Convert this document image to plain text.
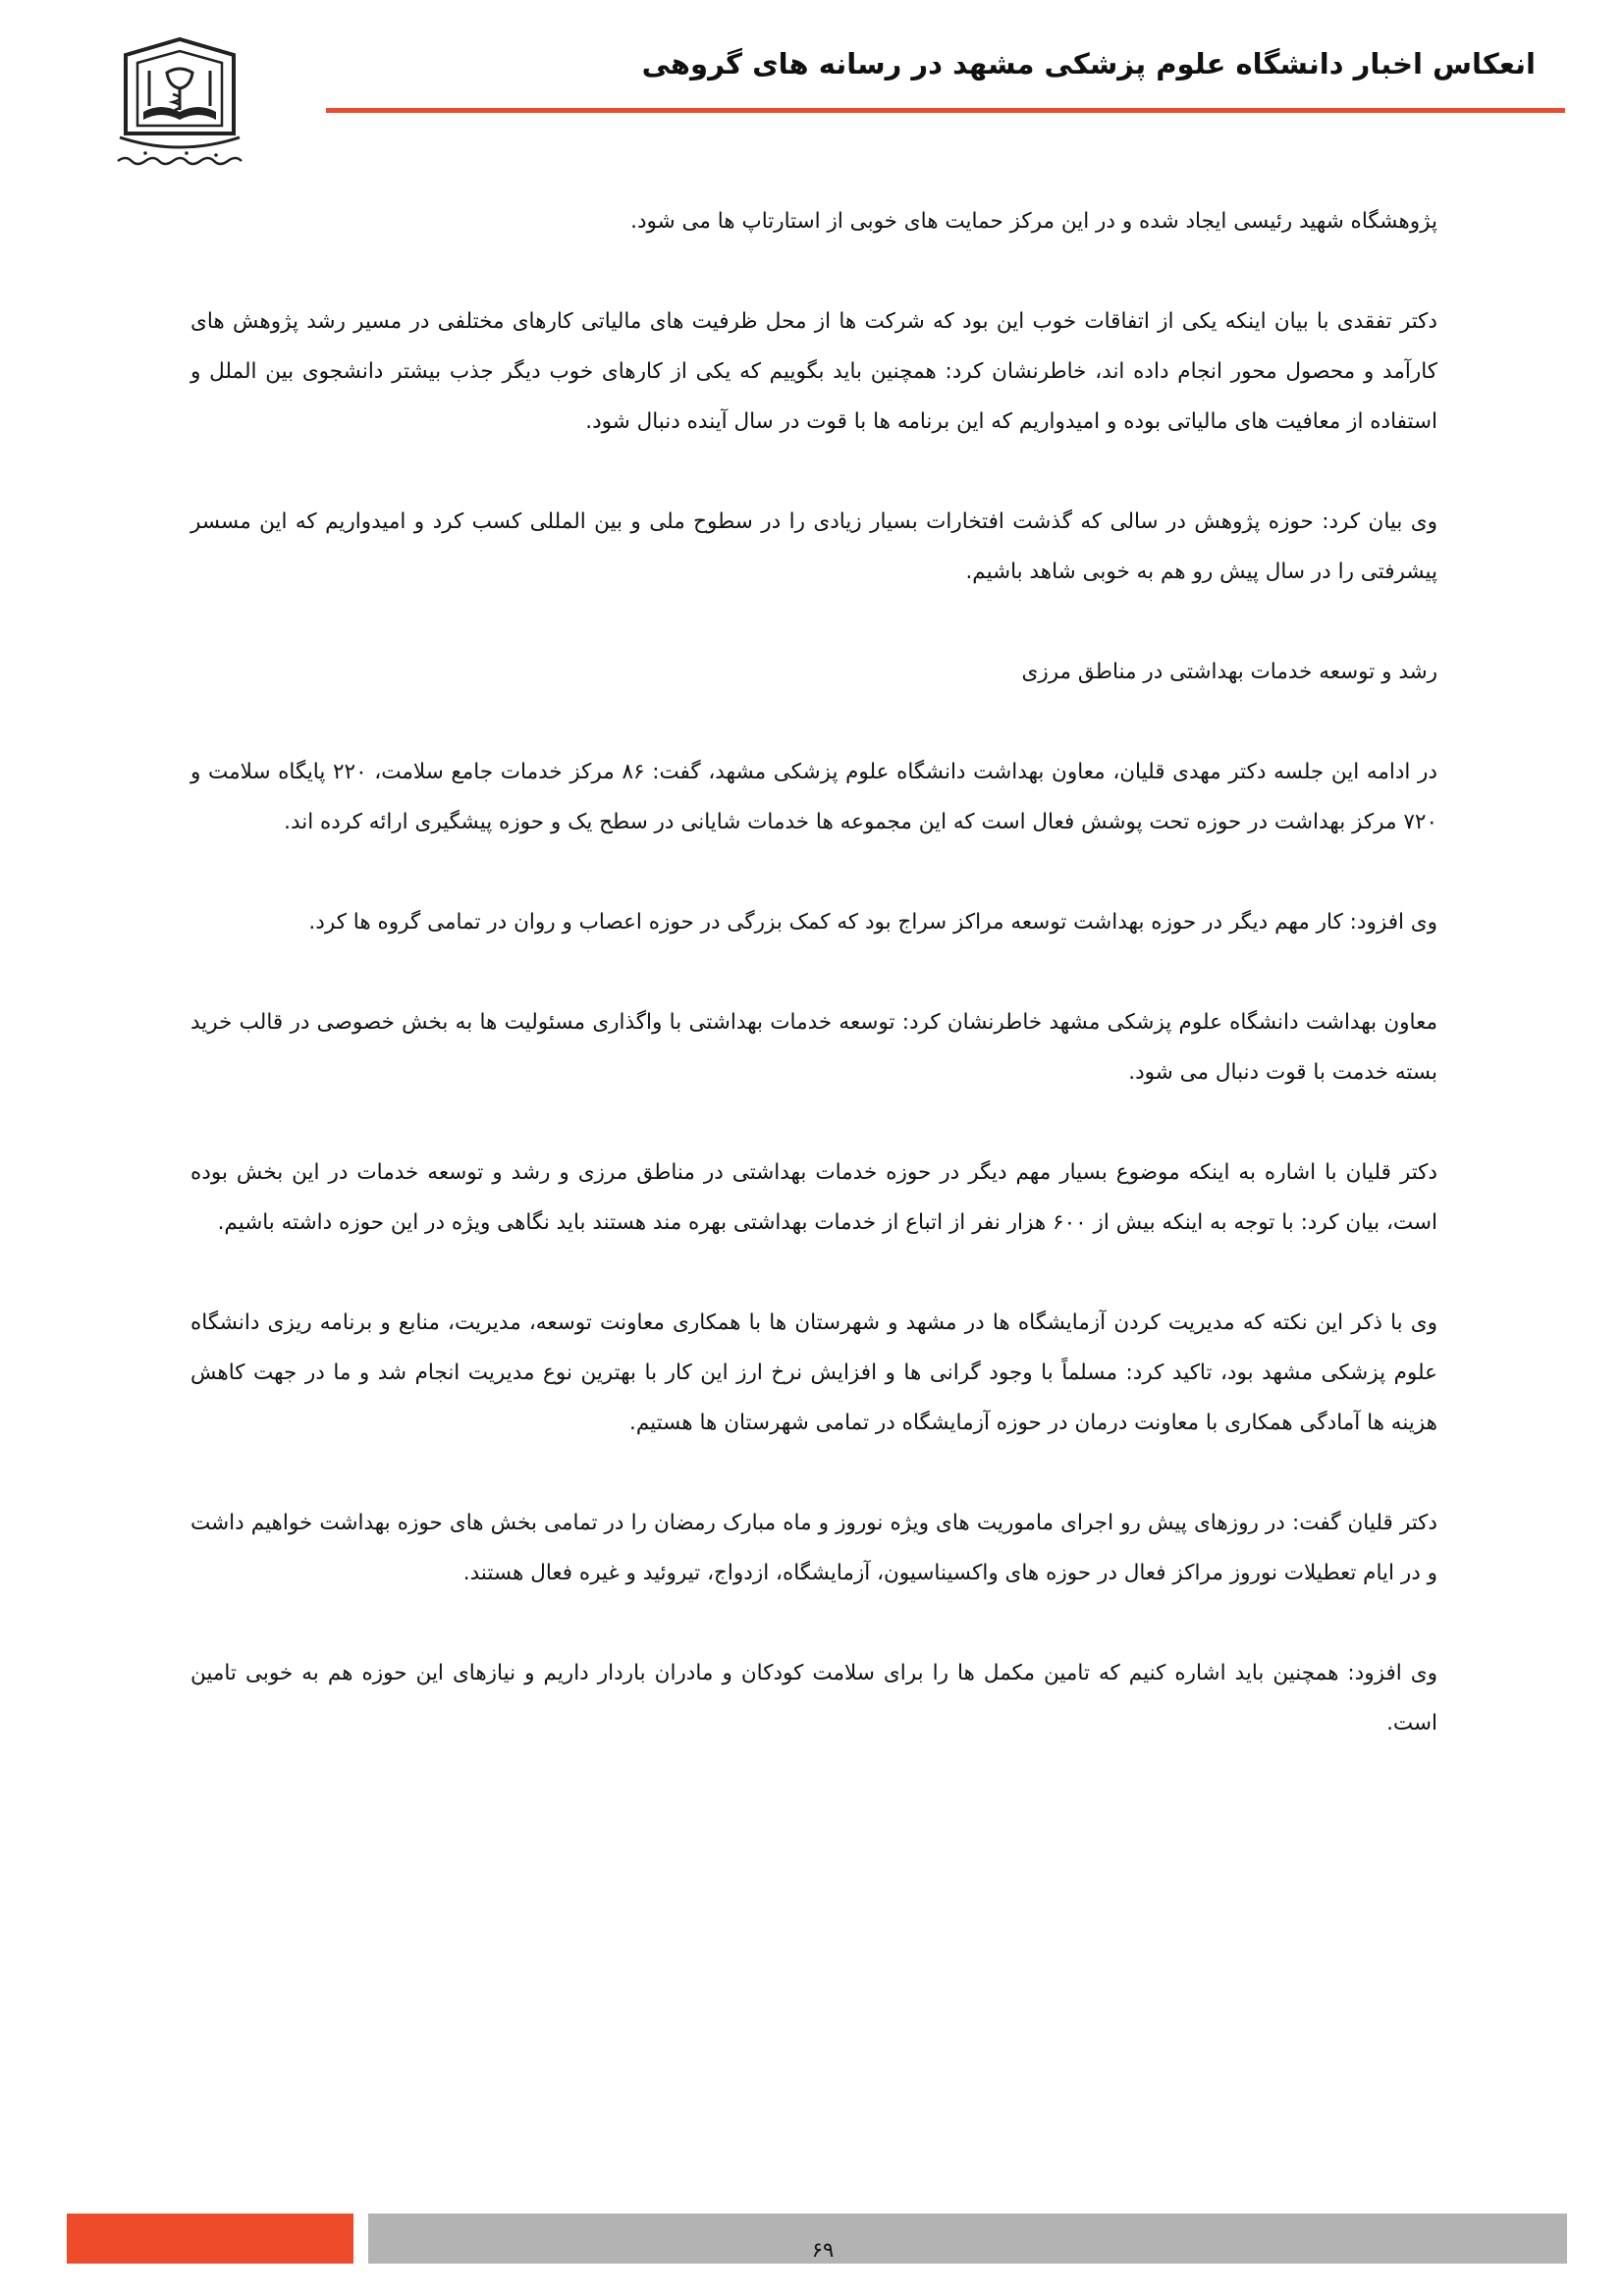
انعکاس اخبار دانشگاه علوم پزشکی مشهد در رسانه های گروهی

پژوهشگاه شهید رئیسی ایجاد شده و در این مرکز حمایت های خوبی از استارتاپ ها می شود.

دکتر تفقدی با بیان اینکه یکی از اتفاقات خوب این بود که شرکت ها از محل ظرفیت های مالیاتی کارهای مختلفی در مسیر رشد پژوهش های کارآمد و محصول محور انجام داده اند، خاطرنشان کرد: همچنین باید بگوییم که یکی از کارهای خوب دیگر جذب بیشتر دانشجوی بین الملل و استفاده از معافیت های مالیاتی بوده و امیدواریم که این برنامه ها با قوت در سال آینده دنبال شود.

وی بیان کرد: حوزه پژوهش در سالی که گذشت افتخارات بسیار زیادی را در سطوح ملی و بین المللی کسب کرد و امیدواریم که این مسسر پیشرفتی را در سال پیش رو هم به خوبی شاهد باشیم.

رشد و توسعه خدمات بهداشتی در مناطق مرزی

در ادامه این جلسه دکتر مهدی قلیان، معاون بهداشت دانشگاه علوم پزشکی مشهد، گفت: ۸۶ مرکز خدمات جامع سلامت، ۲۲۰ پایگاه سلامت و ۷۲۰ مرکز بهداشت در حوزه تحت پوشش فعال است که این مجموعه ها خدمات شایانی در سطح یک و حوزه پیشگیری ارائه کرده اند.

وی افزود: کار مهم دیگر در حوزه بهداشت توسعه مراکز سراج بود که کمک بزرگی در حوزه اعصاب و روان در تمامی گروه ها کرد.

معاون بهداشت دانشگاه علوم پزشکی مشهد خاطرنشان کرد: توسعه خدمات بهداشتی با واگذاری مسئولیت ها به بخش خصوصی در قالب خرید بسته خدمت با قوت دنبال می شود.

دکتر قلیان با اشاره به اینکه موضوع بسیار مهم دیگر در حوزه خدمات بهداشتی در مناطق مرزی و رشد و توسعه خدمات در این بخش بوده است، بیان کرد: با توجه به اینکه بیش از ۶۰۰ هزار نفر از اتباع از خدمات بهداشتی بهره مند هستند باید نگاهی ویژه در این حوزه داشته باشیم.

وی با ذکر این نکته که مدیریت کردن آزمایشگاه ها در مشهد و شهرستان ها با همکاری معاونت توسعه، مدیریت، منابع و برنامه ریزی دانشگاه علوم پزشکی مشهد بود، تاکید کرد: مسلماً با وجود گرانی ها و افزایش نرخ ارز این کار با بهترین نوع مدیریت انجام شد و ما در جهت کاهش هزینه ها آمادگی همکاری با معاونت درمان در حوزه آزمایشگاه در تمامی شهرستان ها هستیم.

دکتر قلیان گفت: در روزهای پیش رو اجرای ماموریت های ویژه نوروز و ماه مبارک رمضان را در تمامی بخش های حوزه بهداشت خواهیم داشت و در ایام تعطیلات نوروز مراکز فعال در حوزه های واکسیناسیون، آزمایشگاه، ازدواج، تیروئید و غیره فعال هستند.

وی افزود: همچنین باید اشاره کنیم که تامین مکمل ها را برای سلامت کودکان و مادران باردار داریم و نیازهای این حوزه هم به خوبی تامین است.

۶۹
